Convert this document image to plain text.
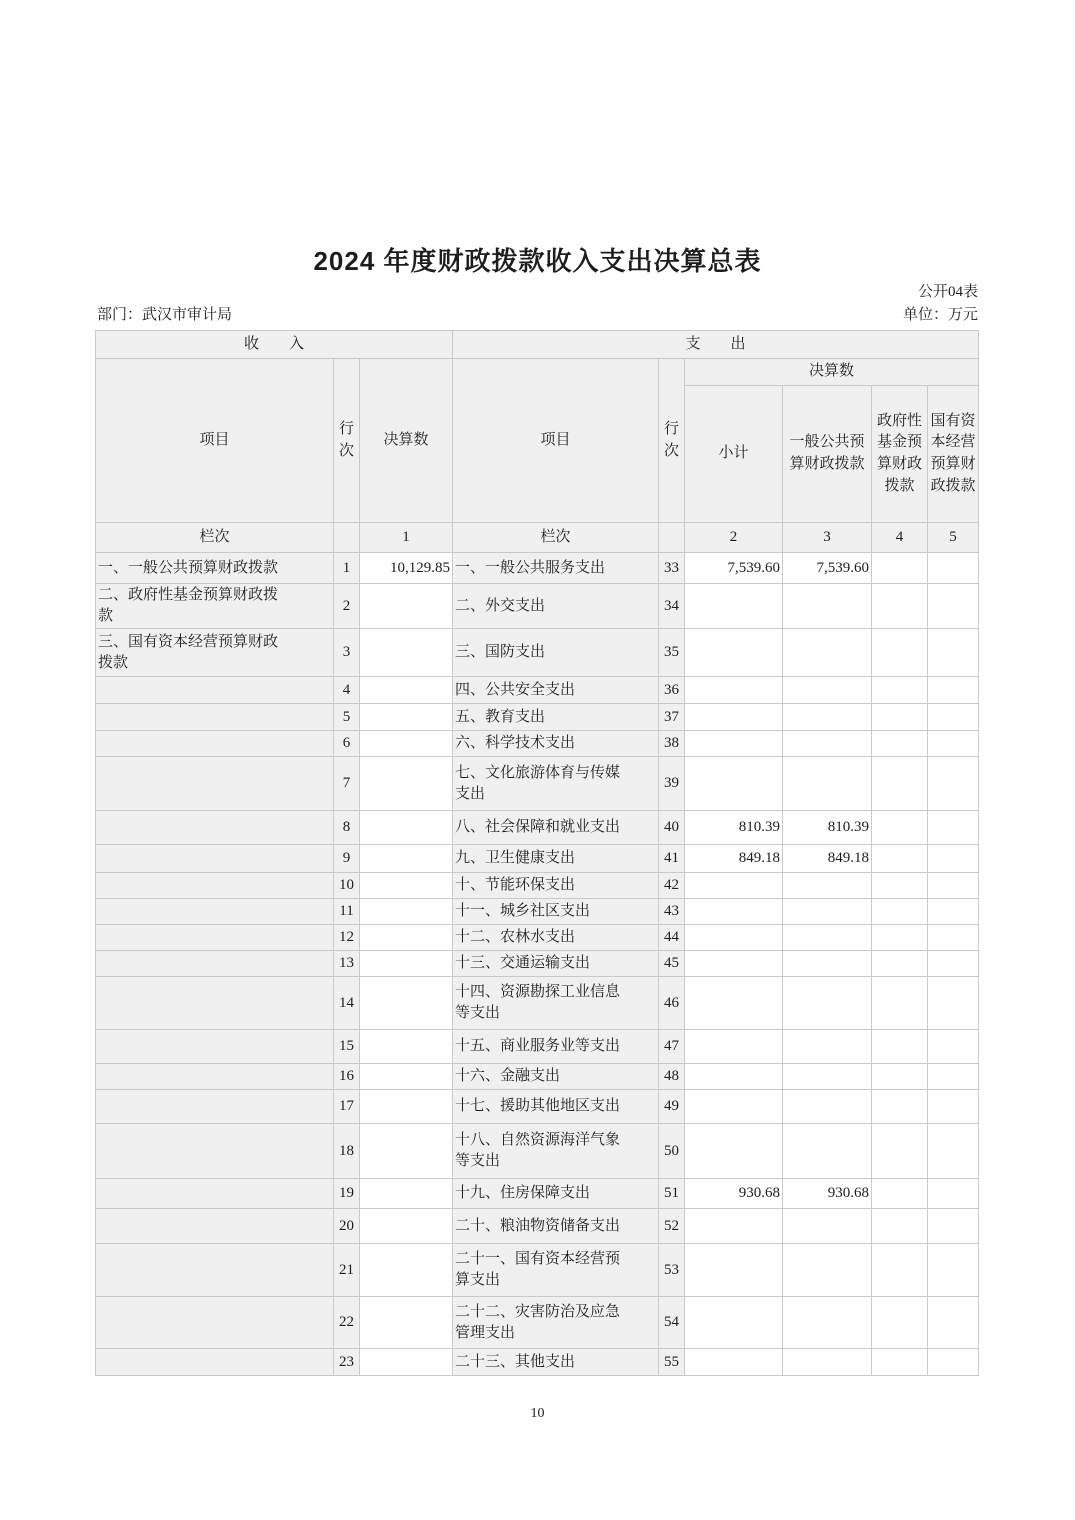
2024 年度财政拨款收入支出决算总表
公开04表
部门：武汉市审计局	单位：万元
收　　入			支　　出					
项目	行次	决算数	项目	行次	决算数			
					小计	一般公共预算财政拨款	政府性基金预算财政拨款	国有资本经营预算财政拨款
栏次		1	栏次		2	3	4	5
一、一般公共预算财政拨款	1	10,129.85	一、一般公共服务支出	33	7,539.60	7,539.60		
二、政府性基金预算财政拨款	2		二、外交支出	34				
三、国有资本经营预算财政拨款	3		三、国防支出	35				
	4		四、公共安全支出	36				
	5		五、教育支出	37				
	6		六、科学技术支出	38				
	7		七、文化旅游体育与传媒支出	39				
	8		八、社会保障和就业支出	40	810.39	810.39		
	9		九、卫生健康支出	41	849.18	849.18		
	10		十、节能环保支出	42				
	11		十一、城乡社区支出	43				
	12		十二、农林水支出	44				
	13		十三、交通运输支出	45				
	14		十四、资源勘探工业信息等支出	46				
	15		十五、商业服务业等支出	47				
	16		十六、金融支出	48				
	17		十七、援助其他地区支出	49				
	18		十八、自然资源海洋气象等支出	50				
	19		十九、住房保障支出	51	930.68	930.68		
	20		二十、粮油物资储备支出	52				
	21		二十一、国有资本经营预算支出	53				
	22		二十二、灾害防治及应急管理支出	54				
	23		二十三、其他支出	55				
10
